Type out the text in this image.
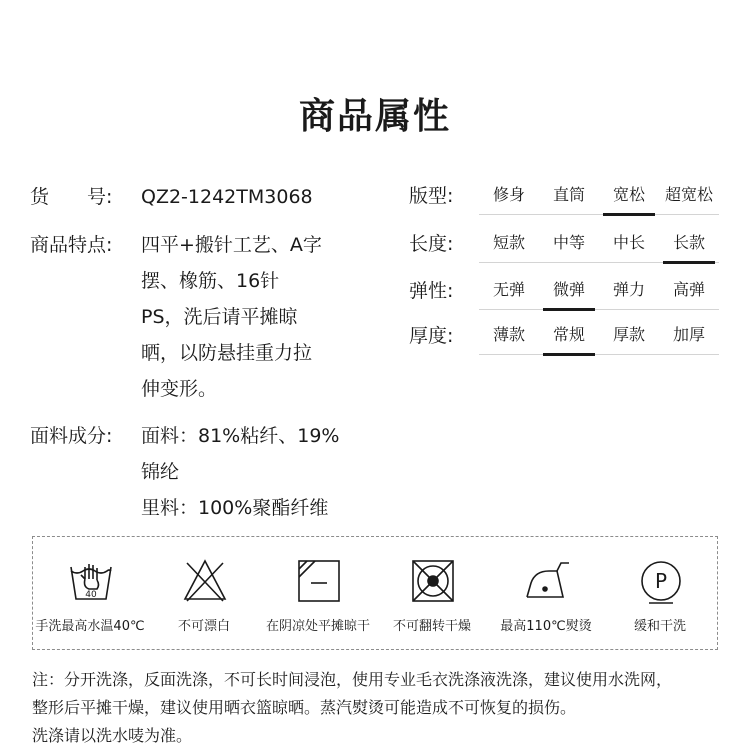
商品属性
货　　号:	QZ2-1242TM3068
商品特点:	四平+搬针工艺、A字
摆、橡筋、16针
PS，洗后请平摊晾
晒，以防悬挂重力拉
伸变形。
面料成分:	面料：81%粘纤、19%
锦纶
里料：100%聚酯纤维
版型:	修身	直筒	宽松	超宽松
长度:	短款	中等	中长	长款
弹性:	无弹	微弹	弹力	高弹
厚度:	薄款	常规	厚款	加厚
40
手洗最高水温40℃	不可漂白	在阴凉处平摊晾干	不可翻转干燥	最高110℃熨烫
P
缓和干洗
注：分开洗涤，反面洗涤，不可长时间浸泡，使用专业毛衣洗涤液洗涤，建议使用水洗网，
整形后平摊干燥，建议使用晒衣篮晾晒。蒸汽熨烫可能造成不可恢复的损伤。
洗涤请以洗水唛为准。
